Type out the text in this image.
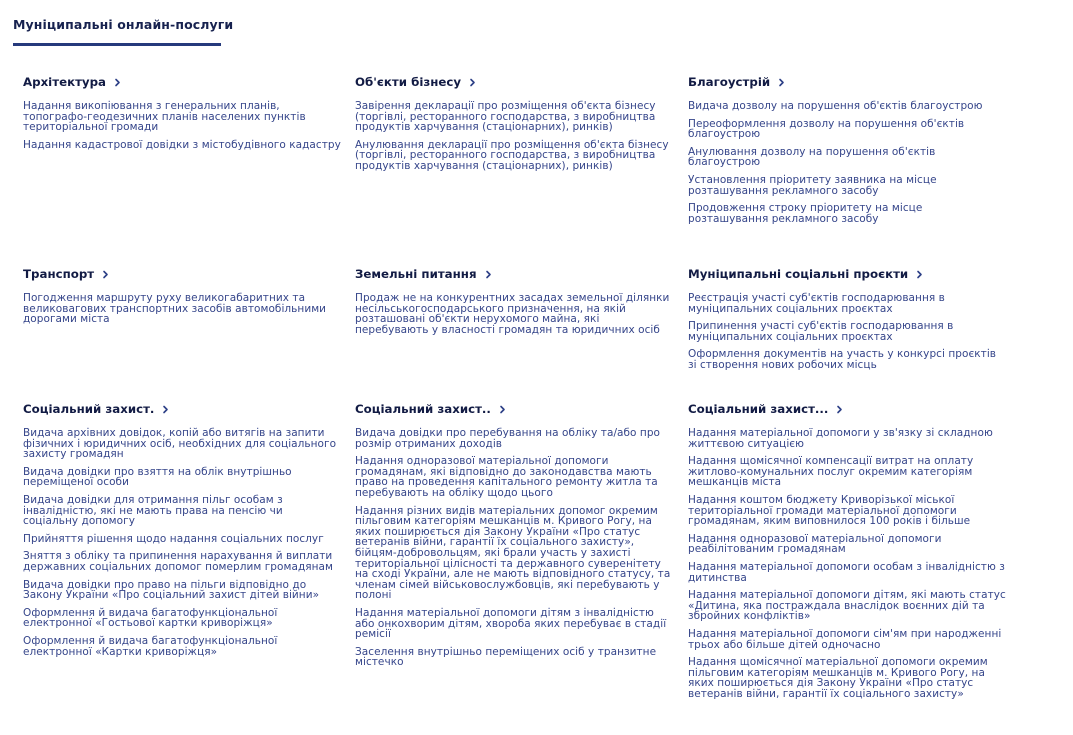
Муніципальні онлайн-послуги
Архітектура
Надання викопіювання з генеральних планів, топографо-геодезичних планів населених пунктів територіальної громади
Надання кадастрової довідки з містобудівного кадастру
Об'єкти бізнесу
Завірення декларації про розміщення об'єкта бізнесу (торгівлі, ресторанного господарства, з виробництва продуктів харчування (стаціонарних), ринків)
Анулювання декларації про розміщення об'єкта бізнесу (торгівлі, ресторанного господарства, з виробництва продуктів харчування (стаціонарних), ринків)
Благоустрій
Видача дозволу на порушення об'єктів благоустрою
Переоформлення дозволу на порушення об'єктів благоустрою
Анулювання дозволу на порушення об'єктів благоустрою
Установлення пріоритету заявника на місце розташування рекламного засобу
Продовження строку пріоритету на місце розташування рекламного засобу
Транспорт
Погодження маршруту руху великогабаритних та великовагових транспортних засобів автомобільними дорогами міста
Земельні питання
Продаж не на конкурентних засадах земельної ділянки несільськогосподарського призначення, на якій розташовані об'єкти нерухомого майна, які перебувають у власності громадян та юридичних осіб
Муніципальні соціальні проєкти
Реєстрація участі суб'єктів господарювання в муніципальних соціальних проєктах
Припинення участі суб'єктів господарювання в муніципальних соціальних проєктах
Оформлення документів на участь у конкурсі проєктів зі створення нових робочих місць
Соціальний захист.
Видача архівних довідок, копій або витягів на запити фізичних і юридичних осіб, необхідних для соціального захисту громадян
Видача довідки про взяття на облік внутрішньо переміщеної особи
Видача довідки для отримання пільг особам з інвалідністю, які не мають права на пенсію чи соціальну допомогу
Прийняття рішення щодо надання соціальних послуг
Зняття з обліку та припинення нарахування й виплати державних соціальних допомог померлим громадянам
Видача довідки про право на пільги відповідно до Закону України «Про соціальний захист дітей війни»
Оформлення й видача багатофункціональної електронної «Гостьової картки криворіжця»
Оформлення й видача багатофункціональної електронної «Картки криворіжця»
Соціальний захист..
Видача довідки про перебування на обліку та/або про розмір отриманих доходів
Надання одноразової матеріальної допомоги громадянам, які відповідно до законодавства мають право на проведення капітального ремонту житла та перебувають на обліку щодо цього
Надання різних видів матеріальних допомог окремим пільговим категоріям мешканців м. Кривого Рогу, на яких поширюється дія Закону України «Про статус ветеранів війни, гарантії їх соціального захисту», бійцям-добровольцям, які брали участь у захисті територіальної цілісності та державного суверенітету на сході України, але не мають відповідного статусу, та членам сімей військовослужбовців, які перебувають у полоні
Надання матеріальної допомоги дітям з інвалідністю або онкохворим дітям, хвороба яких перебуває в стадії ремісії
Заселення внутрішньо переміщених осіб у транзитне містечко
Соціальний захист...
Надання матеріальної допомоги у зв'язку зі складною життєвою ситуацією
Надання щомісячної компенсації витрат на оплату житлово-комунальних послуг окремим категоріям мешканців міста
Надання коштом бюджету Криворізької міської територіальної громади матеріальної допомоги громадянам, яким виповнилося 100 років і більше
Надання одноразової матеріальної допомоги реабілітованим громадянам
Надання матеріальної допомоги особам з інвалідністю з дитинства
Надання матеріальної допомоги дітям, які мають статус «Дитина, яка постраждала внаслідок воєнних дій та збройних конфліктів»
Надання матеріальної допомоги сім'ям при народженні трьох або більше дітей одночасно
Надання щомісячної матеріальної допомоги окремим пільговим категоріям мешканців м. Кривого Рогу, на яких поширюється дія Закону України «Про статус ветеранів війни, гарантії їх соціального захисту»
